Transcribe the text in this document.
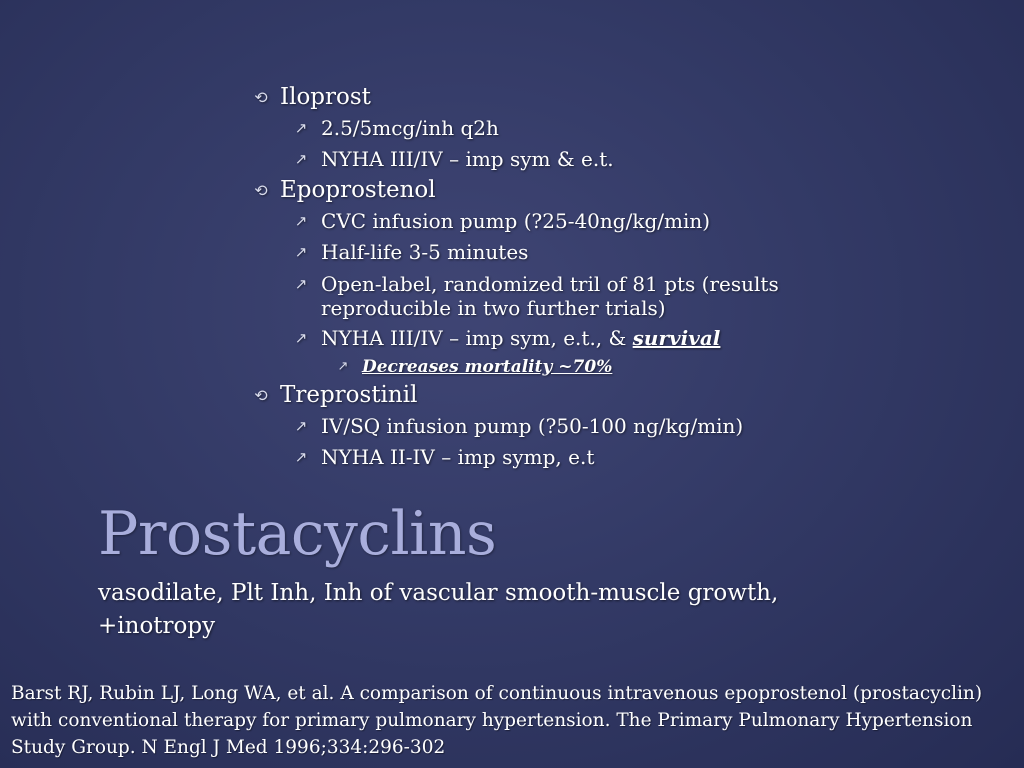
⟲ Iloprost
↗ 2.5/5mcg/inh q2h
↗ NYHA III/IV – imp sym & e.t.
⟲ Epoprostenol
↗ CVC infusion pump (?25-40ng/kg/min)
↗ Half-life 3-5 minutes
↗ Open-label, randomized tril of 81 pts (results reproducible in two further trials)
↗ NYHA III/IV – imp sym, e.t., & survival
↗ Decreases mortality ~70%
⟲ Treprostinil
↗ IV/SQ infusion pump (?50-100 ng/kg/min)
↗ NYHA II-IV – imp symp, e.t
Prostacyclins

vasodilate, Plt Inh, Inh of vascular smooth-muscle growth, +inotropy

Barst RJ, Rubin LJ, Long WA, et al. A comparison of continuous intravenous epoprostenol (prostacyclin) with conventional therapy for primary pulmonary hypertension. The Primary Pulmonary Hypertension Study Group. N Engl J Med 1996;334:296-302
